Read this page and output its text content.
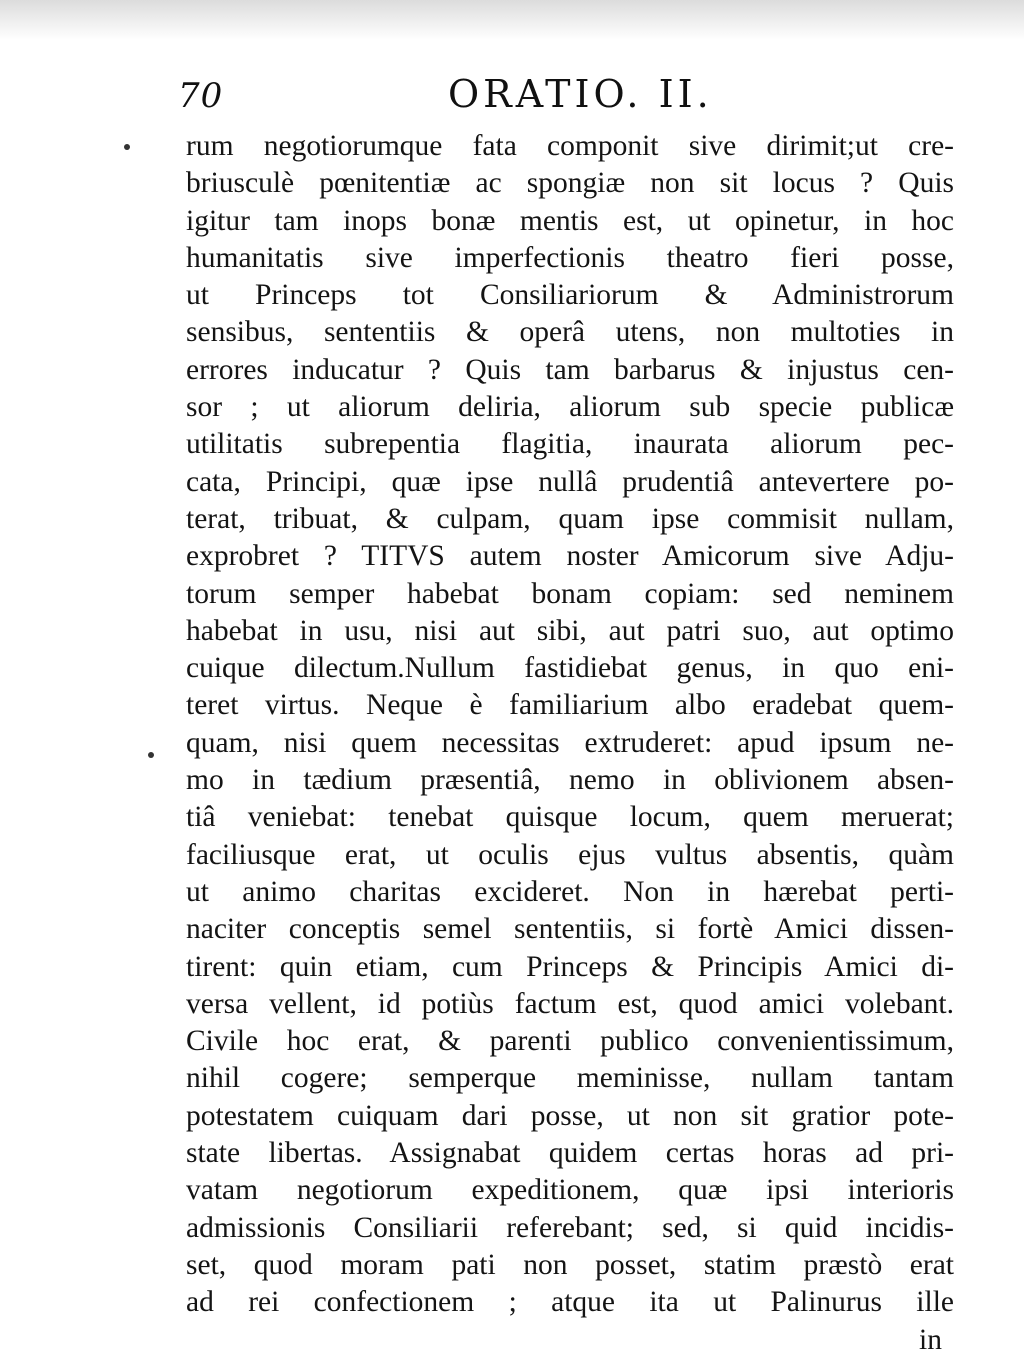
70	ORATIO. II.
rum negotiorumque fata componit sive dirimit;ut cre-
briusculè pœnitentiæ ac spongiæ non sit locus ? Quis
igitur tam inops bonæ mentis est, ut opinetur, in hoc
humanitatis sive imperfectionis theatro fieri posse,
ut Princeps tot Consiliariorum & Administrorum
sensibus, sententiis & operâ utens, non multoties in
errores inducatur ? Quis tam barbarus & injustus cen-
sor ; ut aliorum deliria, aliorum sub specie publicæ
utilitatis subrepentia flagitia, inaurata aliorum pec-
cata, Principi, quæ ipse nullâ prudentiâ antevertere po-
terat, tribuat, & culpam, quam ipse commisit nullam,
exprobret ? TITVS autem noster Amicorum sive Adju-
torum semper habebat bonam copiam: sed neminem
habebat in usu, nisi aut sibi, aut patri suo, aut optimo
cuique dilectum.Nullum fastidiebat genus, in quo eni-
teret virtus. Neque è familiarium albo eradebat quem-
quam, nisi quem necessitas extruderet: apud ipsum ne-
mo in tædium præsentiâ, nemo in oblivionem absen-
tiâ veniebat: tenebat quisque locum, quem meruerat;
faciliusque erat, ut oculis ejus vultus absentis, quàm
ut animo charitas excideret. Non in hærebat perti-
naciter conceptis semel sententiis, si fortè Amici dissen-
tirent: quin etiam, cum Princeps & Principis Amici di-
versa vellent, id potiùs factum est, quod amici volebant.
Civile hoc erat, & parenti publico convenientissimum,
nihil cogere; semperque meminisse, nullam tantam
potestatem cuiquam dari posse, ut non sit gratior pote-
state libertas. Assignabat quidem certas horas ad pri-
vatam negotiorum expeditionem, quæ ipsi interioris
admissionis Consiliarii referebant; sed, si quid incidis-
set, quod moram pati non posset, statim præstò erat
ad rei confectionem ; atque ita ut Palinurus ille
in
